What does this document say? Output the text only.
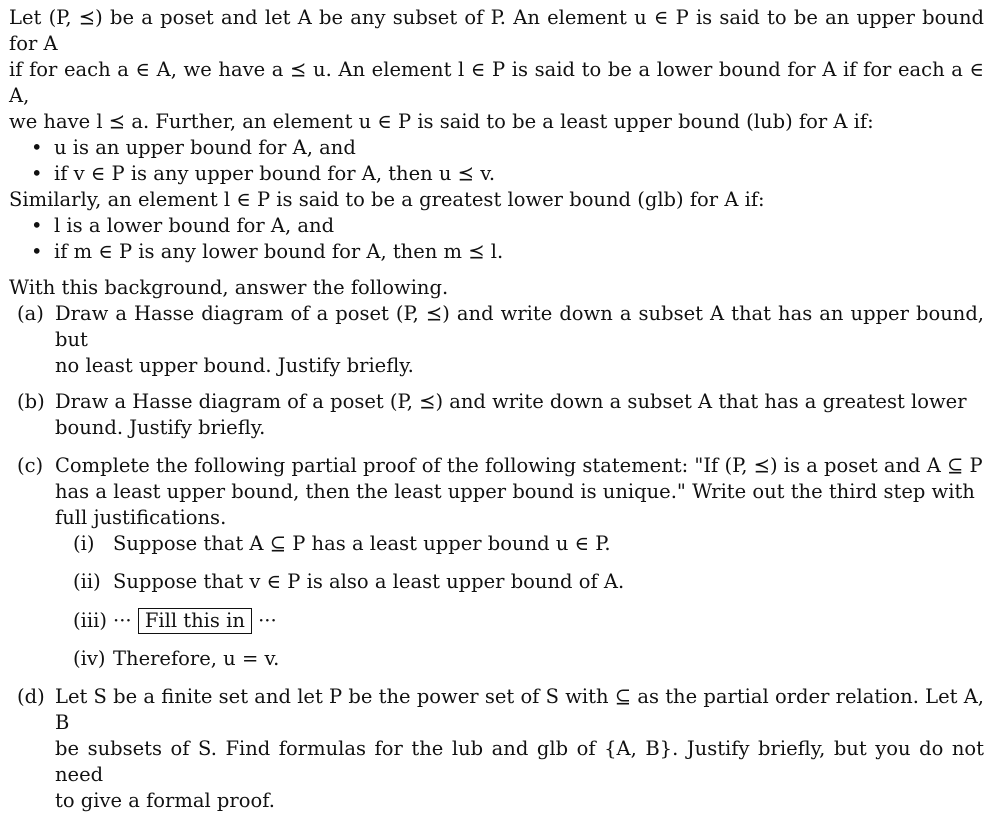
Let (P, ⪯) be a poset and let A be any subset of P. An element u ∈ P is said to be an upper bound for A

if for each a ∈ A, we have a ⪯ u. An element l ∈ P is said to be a lower bound for A if for each a ∈ A,

we have l ⪯ a. Further, an element u ∈ P is said to be a least upper bound (lub) for A if:

• u is an upper bound for A, and
• if v ∈ P is any upper bound for A, then u ⪯ v.

Similarly, an element l ∈ P is said to be a greatest lower bound (glb) for A if:

• l is a lower bound for A, and
• if m ∈ P is any lower bound for A, then m ⪯ l.

With this background, answer the following.

(a) Draw a Hasse diagram of a poset (P, ⪯) and write down a subset A that has an upper bound, but

no least upper bound. Justify briefly.

(b) Draw a Hasse diagram of a poset (P, ⪯) and write down a subset A that has a greatest lower

bound. Justify briefly.

(c) Complete the following partial proof of the following statement: "If (P, ⪯) is a poset and A ⊆ P

has a least upper bound, then the least upper bound is unique." Write out the third step with

full justifications.

(i) Suppose that A ⊆ P has a least upper bound u ∈ P.
(ii) Suppose that v ∈ P is also a least upper bound of A.
(iii) ··· Fill this in ···
(iv) Therefore, u = v.
(d) Let S be a finite set and let P be the power set of S with ⊆ as the partial order relation. Let A, B

be subsets of S. Find formulas for the lub and glb of {A, B}. Justify briefly, but you do not need

to give a formal proof.
